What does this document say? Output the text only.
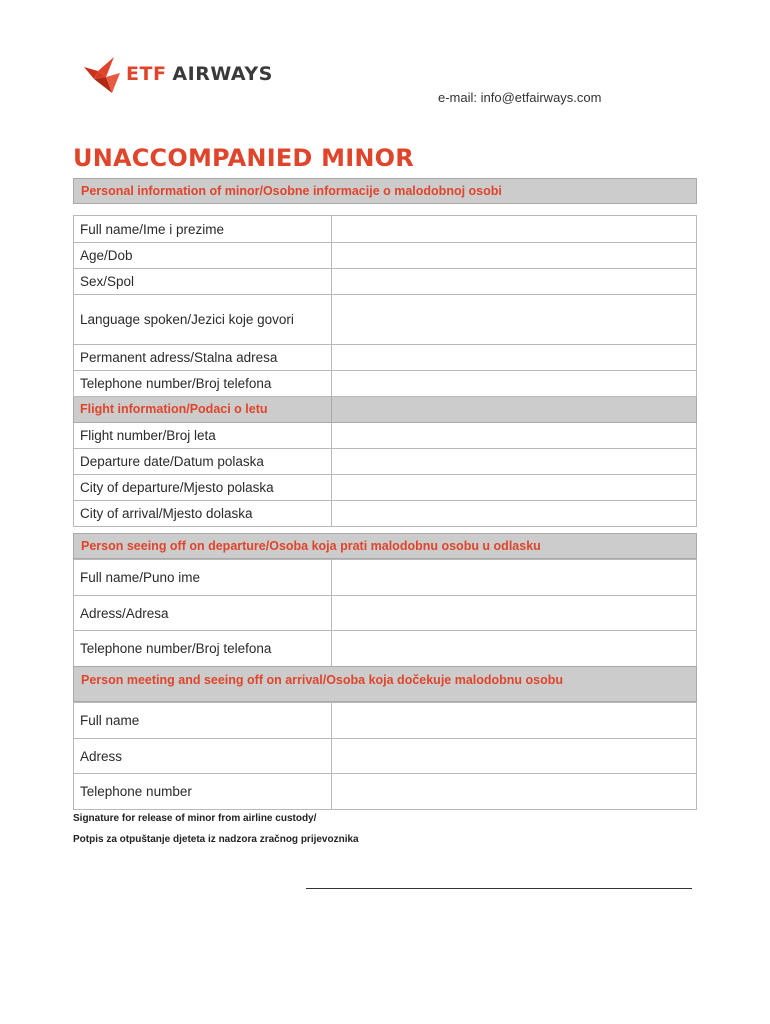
ETF AIRWAYS
e-mail: info@etfairways.com
UNACCOMPANIED MINOR
Personal information of minor/Osobne informacije o malodobnoj osobi
Full name/Ime i prezime	
Age/Dob	
Sex/Spol	
Language spoken/Jezici koje govori	
Permanent adress/Stalna adresa	
Telephone number/Broj telefona	
Flight information/Podaci o letu	
Flight number/Broj leta	
Departure date/Datum polaska	
City of departure/Mjesto polaska	
City of arrival/Mjesto dolaska	
Person seeing off on departure/Osoba koja prati malodobnu osobu u odlasku
Full name/Puno ime	
Adress/Adresa	
Telephone number/Broj telefona	
Person meeting and seeing off on arrival/Osoba koja dočekuje malodobnu osobu
Full name	
Adress	
Telephone number	
Signature for release of minor from airline custody/
Potpis za otpuštanje djeteta iz nadzora zračnog prijevoznika
